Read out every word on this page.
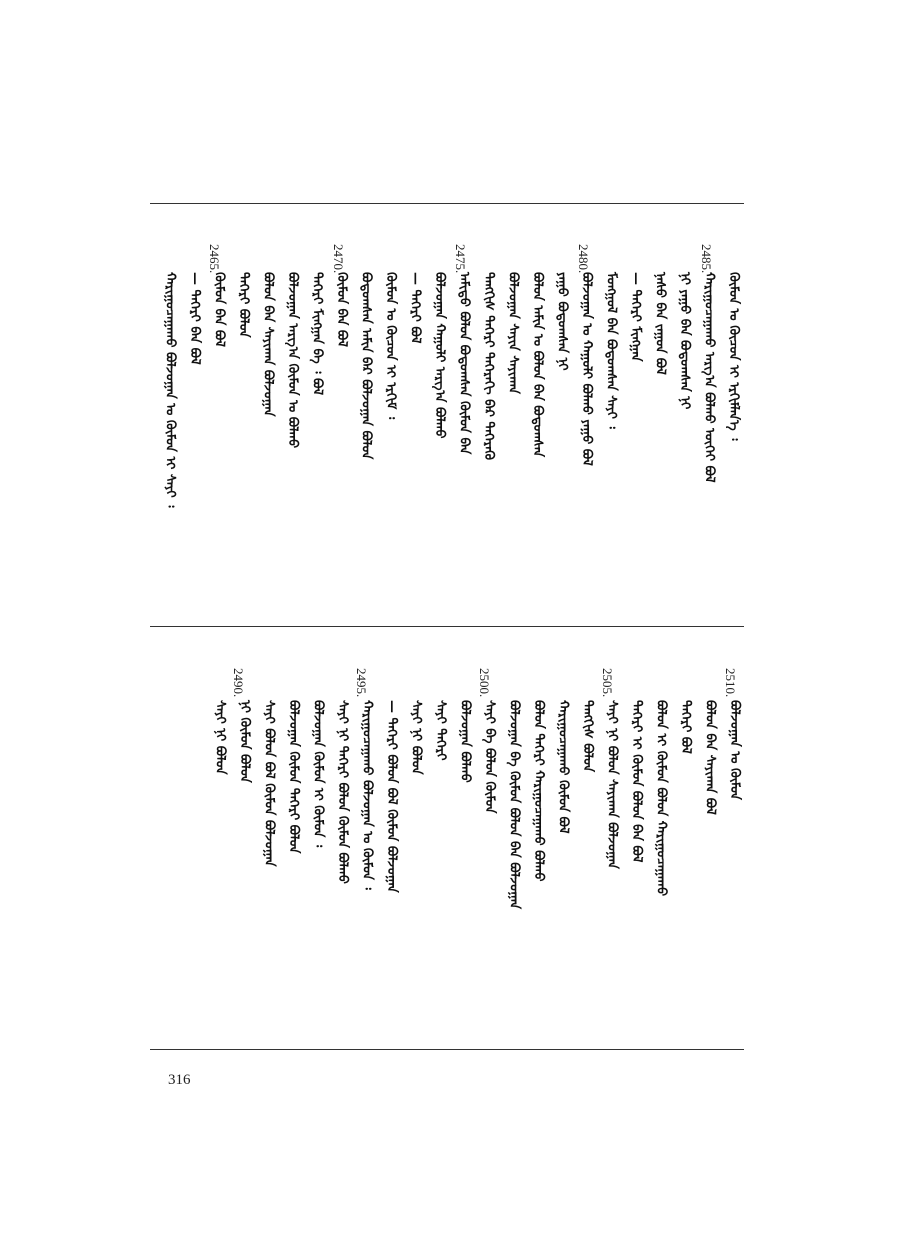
2485.
2480.
2475.
2470.
2465.
ᠬᠥᠮᠦᠨ ᠤ ᠬᠦᠴᠦᠨ ᠢ ᠡᠷᠬᠢᠮᠯᠡᠨ᠎ᠡ ᠄
ᠬᠠᠷᠢᠭᠤᠴᠠᠭᠠᠬᠤ ᠠᠷᠭ᠎ᠠ ᠪᠣᠯᠬᠤ ᠦᠭᠡᠢ ᠪᠣᠯ
ᠨᠢ ᠶᠠᠭᠤ ᠪᠠᠨ ᠪᠣᠳᠣᠭᠰᠠᠨ ᠨᠢ
ᠨᠠᠰᠤ ᠪᠠᠨ ᠵᠠᠭᠤᠨ ᠪᠣᠯ
— ᠲᠡᠭᠡᠷᠢ ᠮᠢᠩᠭᠠᠨ
ᠮᠣᠩᠭᠣᠯ ᠪᠠᠨ ᠪᠣᠳᠣᠭᠰᠠᠨ ᠰᠠᠶᠢ ᠄
ᠪᠣᠯᠵᠣᠭᠠᠨ ᠤ ᠬᠠᠭᠤᠯᠢ ᠪᠣᠯᠬᠤ ᠶᠠᠭᠤ ᠪᠣᠯ
ᠶᠠᠭᠤ ᠪᠣᠳᠣᠭᠰᠠᠨ ᠨᠢ
ᠪᠣᠯᠤᠨ ᠠᠮᠢᠨ ᠤ ᠪᠣᠯᠤᠨ ᠪᠠᠨ ᠪᠣᠳᠣᠭᠰᠠᠨ
ᠪᠣᠯᠵᠣᠭᠠᠨ ᠰᠠᠶᠢᠨ ᠰᠠᠶᠢᠬᠠᠨ
ᠲᠡᠩᠭᠢᠰ ᠲᠡᠭᠡᠷᠢ ᠳᠡᠭᠡᠷᠡᠬᠢ ᠪᠠᠷ ᠳᠡᠭᠡᠷᠡᠬᠦ
ᠠᠮᠢᠳᠤ ᠪᠣᠯᠤᠨ ᠪᠣᠳᠣᠭᠰᠠᠨ ᠬᠦᠮᠦᠨ ᠪᠠᠨ
ᠪᠣᠯᠵᠣᠭᠠᠨ ᠬᠠᠭᠤᠯᠢ ᠠᠷᠭ᠎ᠠ ᠪᠣᠯᠬᠤ
— ᠲᠡᠭᠡᠷᠢ ᠪᠣᠯ
ᠬᠦᠮᠦᠨ ᠤ ᠬᠦᠴᠦᠨ ᠢ ᠡᠷᠬᠢᠮ ᠄
ᠪᠣᠳᠣᠭᠰᠠᠨ ᠠᠮᠢᠨ ᠪᠠᠷ ᠪᠣᠯᠵᠣᠭᠠᠨ ᠪᠣᠯᠤᠨ
ᠬᠦᠮᠦᠨ ᠪᠠᠨ ᠪᠣᠯ
ᠲᠡᠭᠡᠷᠢ ᠮᠢᠩᠭᠠᠨ ᠪᠠ ᠄ ᠪᠣᠯ
ᠪᠣᠯᠵᠣᠭᠠᠨ ᠠᠷᠭ᠎ᠠ ᠬᠦᠮᠦᠨ ᠤ ᠪᠣᠯᠬᠤ
ᠪᠣᠯᠤᠨ ᠪᠠᠨ ᠰᠠᠶᠢᠬᠠᠨ ᠪᠣᠯᠵᠣᠭᠠᠨ
ᠲᠡᠭᠡᠷᠢ ᠪᠣᠯᠤᠨ
ᠬᠦᠮᠦᠨ ᠪᠠᠨ ᠪᠣᠯ
— ᠲᠡᠭᠡᠷᠢ ᠪᠠᠨ ᠪᠣᠯ
ᠬᠠᠷᠢᠭᠤᠴᠠᠭᠠᠬᠤ ᠪᠣᠯᠵᠣᠭᠠᠨ ᠤ ᠬᠦᠮᠦᠨ ᠢ ᠰᠠᠶᠢ ᠄
2510.
2505.
2500.
2495.
2490.
ᠪᠣᠯᠵᠣᠭᠠᠨ ᠤ ᠬᠦᠮᠦᠨ
ᠪᠣᠯᠤᠨ ᠪᠠᠨ ᠰᠠᠶᠢᠬᠠᠨ ᠪᠣᠯ
ᠲᠡᠭᠡᠷᠢ ᠪᠣᠯ
ᠪᠣᠯᠤᠨ ᠢ ᠬᠦᠮᠦᠨ ᠪᠣᠯᠤᠨ ᠬᠠᠷᠢᠭᠤᠴᠠᠭᠠᠬᠤ
ᠲᠡᠭᠡᠷᠢ ᠢ ᠬᠦᠮᠦᠨ ᠪᠣᠯᠤᠨ ᠪᠠᠨ ᠪᠣᠯ
ᠰᠠᠶᠢ ᠨᠢ ᠪᠣᠯᠤᠨ ᠰᠠᠶᠢᠬᠠᠨ ᠪᠣᠯᠵᠣᠭᠠᠨ
ᠲᠡᠩᠭᠢᠰ ᠪᠣᠯᠤᠨ
ᠬᠠᠷᠢᠭᠤᠴᠠᠭᠠᠬᠤ ᠬᠦᠮᠦᠨ ᠪᠣᠯ
ᠪᠣᠯᠤᠨ ᠲᠡᠭᠡᠷᠢ ᠬᠠᠷᠢᠭᠤᠴᠠᠭᠠᠬᠤ ᠪᠣᠯᠬᠤ
ᠪᠣᠯᠵᠣᠭᠠᠨ ᠪᠠ ᠬᠦᠮᠦᠨ ᠪᠣᠯᠤᠨ ᠪᠠᠨ ᠪᠣᠯᠵᠣᠭᠠᠨ
ᠰᠠᠶᠢ ᠪᠠ ᠪᠣᠯᠤᠨ ᠬᠦᠮᠦᠨ
ᠪᠣᠯᠵᠣᠭᠠᠨ ᠪᠣᠯᠬᠤ
ᠰᠠᠶᠢ ᠲᠡᠭᠡᠷᠢ
ᠰᠠᠶᠢ ᠨᠢ ᠪᠣᠯᠤᠨ
— ᠲᠡᠭᠡᠷᠢ ᠪᠣᠯᠤᠨ ᠪᠣᠯ ᠬᠦᠮᠦᠨ ᠪᠣᠯᠵᠣᠭᠠᠨ
ᠬᠠᠷᠢᠭᠤᠴᠠᠭᠠᠬᠤ ᠪᠣᠯᠵᠣᠭᠠᠨ ᠤ ᠬᠦᠮᠦᠨ ᠄
ᠰᠠᠶᠢ ᠨᠢ ᠲᠡᠭᠡᠷᠢ ᠪᠣᠯᠤᠨ ᠬᠦᠮᠦᠨ ᠪᠣᠯᠬᠤ
ᠪᠣᠯᠵᠣᠭᠠᠨ ᠬᠦᠮᠦᠨ ᠢ ᠬᠦᠮᠦᠨ ᠄
ᠪᠣᠯᠵᠣᠭᠠᠨ ᠬᠦᠮᠦᠨ ᠲᠡᠭᠡᠷᠢ ᠪᠣᠯᠤᠨ
ᠰᠠᠶᠢ ᠪᠣᠯᠤᠨ ᠪᠣᠯ ᠬᠦᠮᠦᠨ ᠪᠣᠯᠵᠣᠭᠠᠨ
ᠨᠢ ᠬᠦᠮᠦᠨ ᠪᠣᠯᠤᠨ
ᠰᠠᠶᠢ ᠨᠢ ᠪᠣᠯᠤᠨ
316
